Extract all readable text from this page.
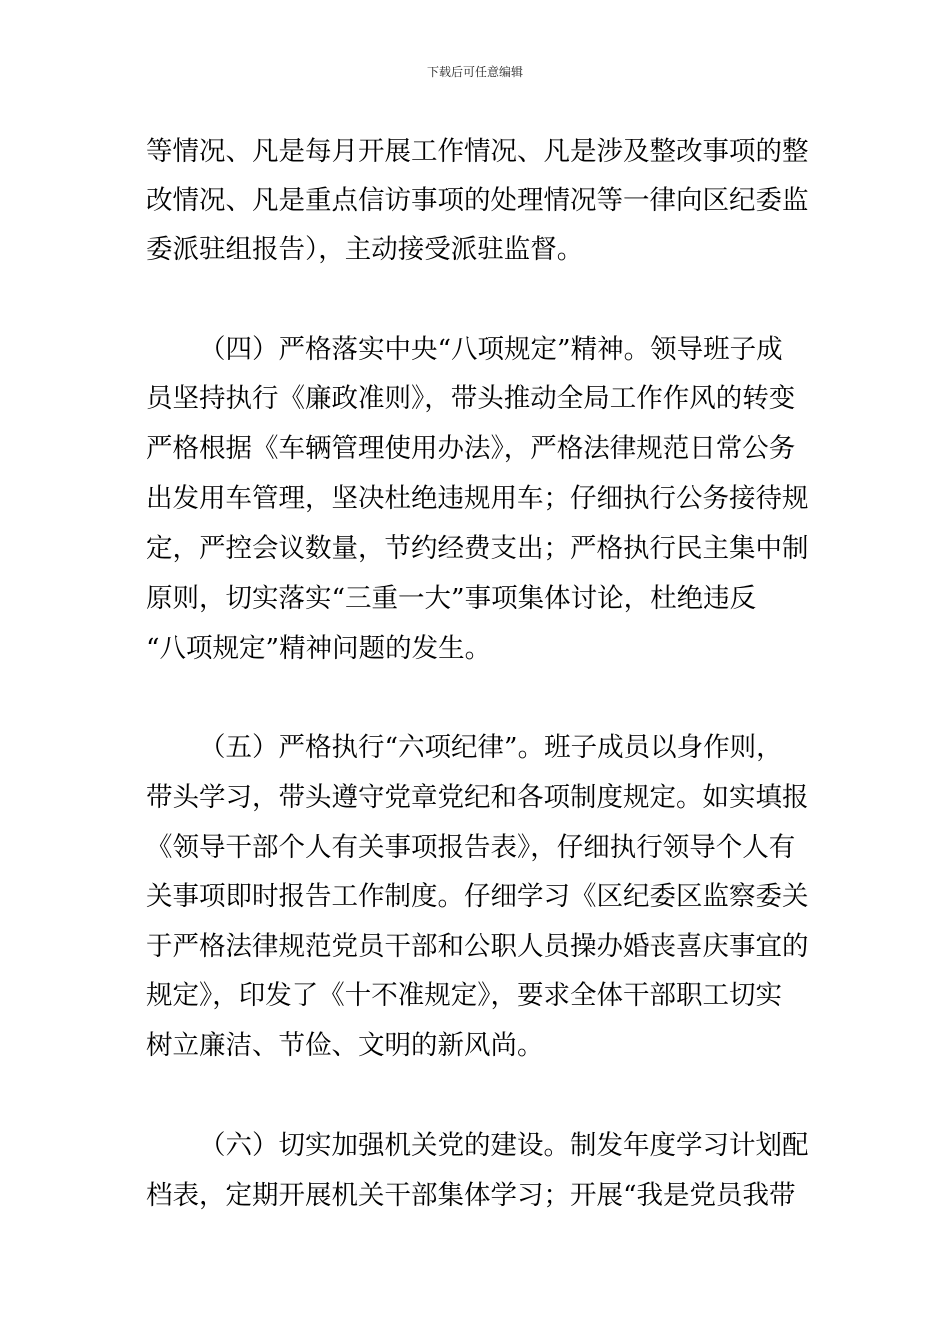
下载后可任意编辑
等情况、凡是每月开展工作情况、凡是涉及整改事项的整
改情况、凡是重点信访事项的处理情况等一律向区纪委监
委派驻组报告），主动接受派驻监督。
（四）严格落实中央“八项规定”精神。领导班子成
员坚持执行《廉政准则》，带头推动全局工作作风的转变
严格根据《车辆管理使用办法》，严格法律规范日常公务
出发用车管理，坚决杜绝违规用车；仔细执行公务接待规
定，严控会议数量，节约经费支出；严格执行民主集中制
原则，切实落实“三重一大”事项集体讨论，杜绝违反
“八项规定”精神问题的发生。
（五）严格执行“六项纪律”。班子成员以身作则，
带头学习，带头遵守党章党纪和各项制度规定。如实填报
《领导干部个人有关事项报告表》，仔细执行领导个人有
关事项即时报告工作制度。仔细学习《区纪委区监察委关
于严格法律规范党员干部和公职人员操办婚丧喜庆事宜的
规定》，印发了《十不准规定》，要求全体干部职工切实
树立廉洁、节俭、文明的新风尚。
（六）切实加强机关党的建设。制发年度学习计划配
档表，定期开展机关干部集体学习；开展“我是党员我带
